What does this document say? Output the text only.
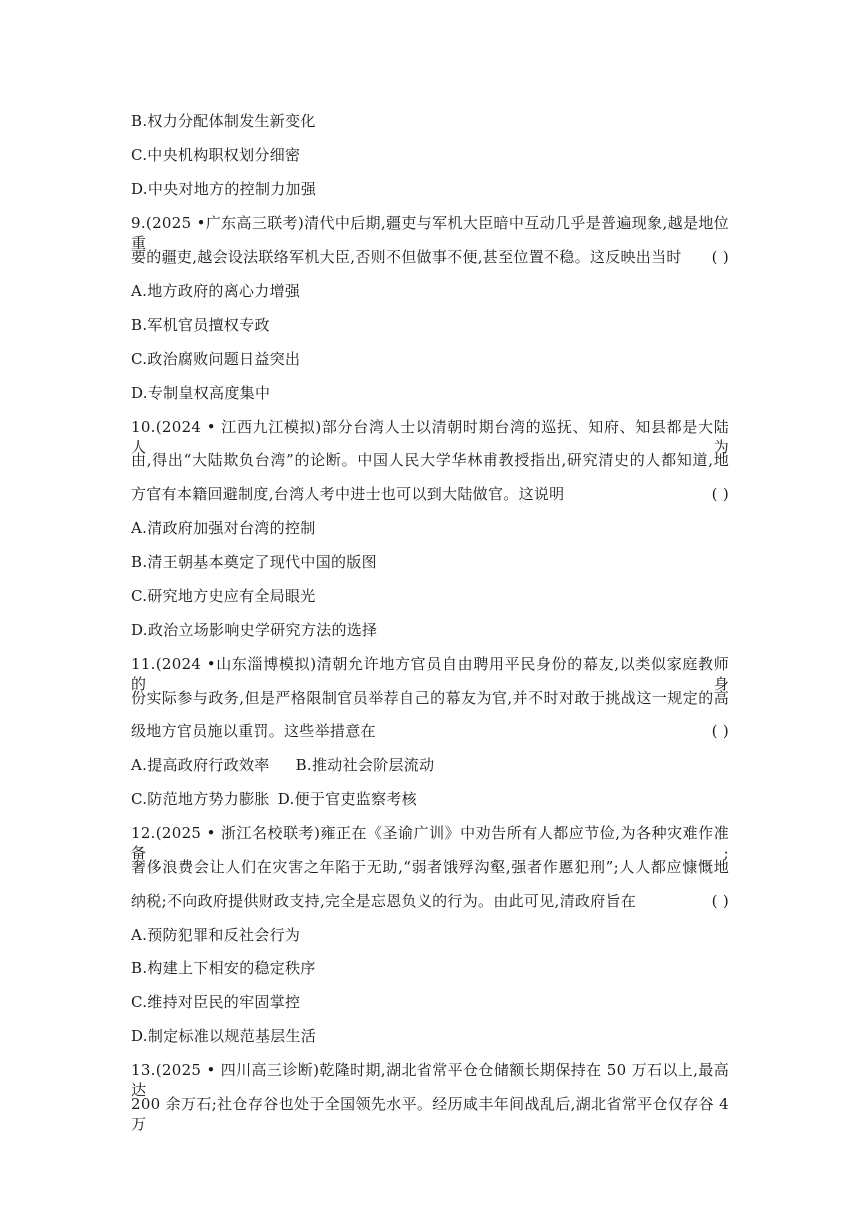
B.权力分配体制发生新变化
C.中央机构职权划分细密
D.中央对地方的控制力加强
9.(2025 •广东高三联考)清代中后期,疆吏与军机大臣暗中互动几乎是普遍现象,越是地位重
要的疆吏,越会设法联络军机大臣,否则不但做事不便,甚至位置不稳。这反映出当时 ( )
A.地方政府的离心力增强
B.军机官员擅权专政
C.政治腐败问题日益突出
D.专制皇权高度集中
10.(2024 • 江西九江模拟)部分台湾人士以清朝时期台湾的巡抚、知府、知县都是大陆人为
由,得出“大陆欺负台湾”的论断。中国人民大学华林甫教授指出,研究清史的人都知道,地
方官有本籍回避制度,台湾人考中进士也可以到大陆做官。这说明	( )
A.清政府加强对台湾的控制
B.清王朝基本奠定了现代中国的版图
C.研究地方史应有全局眼光
D.政治立场影响史学研究方法的选择
11.(2024 •山东淄博模拟)清朝允许地方官员自由聘用平民身份的幕友,以类似家庭教师的身
份实际参与政务,但是严格限制官员举荐自己的幕友为官,并不时对敢于挑战这一规定的高
级地方官员施以重罚。这些举措意在	( )
A.提高政府行政效率 B.推动社会阶层流动
C.防范地方势力膨胀 D.便于官吏监察考核
12.(2025 • 浙江名校联考)雍正在《圣谕广训》中劝告所有人都应节俭,为各种灾难作准备;
奢侈浪费会让人们在灾害之年陷于无助,“弱者饿殍沟壑,强者作慝犯刑”;人人都应慷慨地
纳税;不向政府提供财政支持,完全是忘恩负义的行为。由此可见,清政府旨在	( )
A.预防犯罪和反社会行为
B.构建上下相安的稳定秩序
C.维持对臣民的牢固掌控
D.制定标准以规范基层生活
13.(2025 • 四川高三诊断)乾隆时期,湖北省常平仓仓储额长期保持在 50 万石以上,最高达
200 余万石;社仓存谷也处于全国领先水平。经历咸丰年间战乱后,湖北省常平仓仅存谷 4 万
